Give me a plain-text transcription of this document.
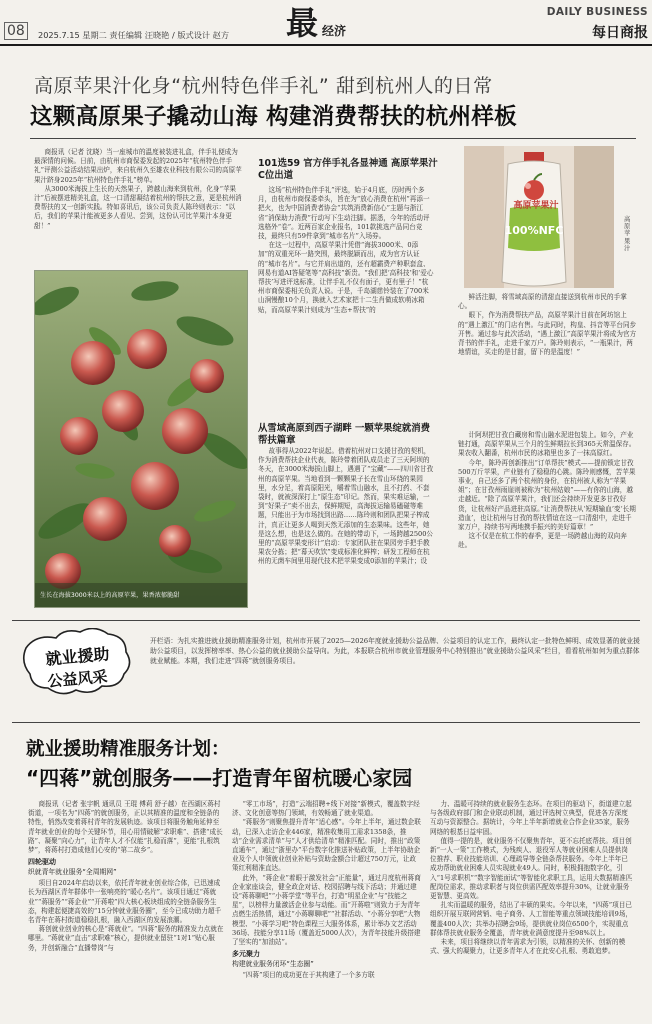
08	2025.7.15 星期二 责任编辑 汪晓艳 / 版式设计 赵方 最 经济
DAILY BUSINESS
每日商报
高原苹果汁化身“杭州特色伴手礼” 甜到杭州人的日常
这颗高原果子撬动山海 构建消费帮扶的杭州样板

商报讯（记者 沈晓）当一座城市的温度被装进礼盒，伴手礼便成为最深情的问候。日前，由杭州市商保委发起的2025年“杭州特色伴手礼”评测公益活动结果出炉，来自杭州久至雄农业科技有限公司的高原苹果汁跻身2025年“杭州特色伴手礼”榜单。

从3000米海拔上生长的天然果子，跨越山海来到杭州，化身“苹果汁”后被摆进精美礼盒，这一口清甜凝结着杭州的帮扶之意，更是杭州消费帮扶的又一创新实践。特如喜讯后，该公司负责人陈玲则表示：“以后，我们的苹果汁能被更多人看见、尝到，这份认可比苹果汁本身更甜！”

生长在海拔3000米以上的高原苹果，果香浓郁脆甜
101选59 官方伴手礼各显神通 高原苹果汁C位出道

这场“杭州特色伴手礼”评选，始于4月底，历时两个多月，由杭州市商保委牵头，旨在为“放心消费在杭州”再添一把火，也为中国消费者协会“共筑消费新信心”主题与浙江省“消保助力消费”行动写下生动注脚。据悉，今年的活动评选格外“卷”。近两百家企业报名，101款挑选产品同台竞技，最终只有59件拿到“城市名片”入场券。

在这一过程中，高原苹果汁凭借“海拔3000米、0添加”的双重光环一路突围，最终脱颖而出，成为官方认证的“城市名片”。与它并肩出道的，还有超霸费产种职套盒、网易有道AI答疑笔等“高科技”新贵。“我们把‘高科技’和‘爱心帮扶’写进评选标准，让伴手礼不仅有面子，更有里子！”杭州市商保委相关负责人说。于是，千岛湖慈铃装在了700米山涧慢酿10个月，换就入艺术家把十二生肖做成软萌冰箱贴，而高原苹果汁则成为“生态+帮扶”的

高原苹果汁
100%NFC
高原苹果汁

鲜活注脚，将雪域高原的清甜直接送到杭州市民的手掌心。

眼下，作为消费帮扶产品，高原苹果汁目前在阿坊馆上的“遇上激江”的门店有售。与此同时，构皇、抖音等平台同步开售。通过参与此次活动，“遇上激江”高原苹果汁将成为官方背书的伴手礼，走进千家万户。陈玲则表示，“一瓶果汁，两地情谊，买走的是甘甜，留下的是温度！”

从雪域高原到西子湖畔 一颗苹果绽就消费帮扶篇章

故事得从2022年说起。借着杭州对口支援甘孜的契机，作为消费帮扶企业代表，陈玲带着团队成员走了三天阿坝的冬天，在3000米海拔山脚上，遇遇了“宝藏”——四川省甘孜州的高原苹果。当地看到一颗颗果子长在雪山环绕的果园里，水分足，着高原阳光，嚼着雪山融水，且不打药、不套袋时，就被深深打上“原生态”印记。然而，果实难运输，一到“好果子”卖不出去，保鲜期短，高海拔运输易磕碰等难题，只能出于为市场找到出路……陈玲则和团队把果子榨成汁，真正让更多人喝到天然无添加的生态果味。这些年，她是这么想，也是这么做的。在她的带动下，一场跨越2500公里的“高原苹果变形计”启动：专家团队驻在果园旁手把手教果农分拣；把“幕天吹饮”变成标准化鲜榨；研发工程师在杭州的无菌车间里用现代技术把苹果变成0添加的苹果汁；设

计阿坝把甘孜白藏房和雪山融水泥进包装上。如今，产业链打通，高原苹果从三个月的生鲜期拉长到365天常温保存。果农收入翻番，杭州市民的冰箱里也多了一抹高原红。

今年，陈玲再创新推出“订单帮扶”模式——提前锁定甘孜500万斤苹果，产业链有了稳稳的心跳。陈玲则感慨，苦苹果事业，自己还多了两个杭州的身份，在杭州被人称为“苹果姐”；在甘孜州雨崖则被称为“杭州姑娘”——有你的山海，越走越近。“除了高原苹果汁，我们还会持续开发更多甘孜好货，让杭州好产品进驻高原。”让消费帮扶从‘短期输血’变‘长期造血’，也让杭州与甘孜的帮扶情谊在这一口清甜中，走进千家万户，持续书写两地携手振兴的美好篇章！”

这不仅是在杭工作的春季，更是一场跨越山海的双向奔赴。

就业援助
公益风采
开栏语：为扎实推进就业援助精准服务计划，杭州市开展了2025—2026年度就业援助公益品牌、公益项目的认定工作，最终认定一批特色鲜明、成效显著的就业援助公益项目，以发挥榜率率、热心公益的就业援助公益导向。为此，本报联合杭州市就业管理服务中心特别推出“就业援助公益风采”栏目，看看杭州如何为重点群体就业赋能。本期，我们走进“四蒋”就创服务项目。
就业援助精准服务计划：
“四蒋”就创服务——打造青年留杭暖心家园

商报讯（记者 张宇帆 通讯员 王琨 傅莉 舒子越）在西湖区蒋村街道，一项名为“四蒋”的就创服务，正以其精准的温度和全链条的特性，悄然改变着蒋村青年的发展轨迹。该项目将服务触角延伸至青年就业创业的每个关键环节，用心用情破解“求职难”、搭建“成长路”、凝聚“向心力”，让青年人才不仅能“扎稳而落”，更能“扎根筑梦”，将蒋村打造成他们心安的“第二故乡”。

四轮驱动

织就青年就业服务“全周期网”

项目自2024年启动以来，依托青年就业创业综合体，已迅速成长为西湖区青年群体中一张响亮的“暖心名片”。该项目通过“蒋就业”“蒋服务”“蒋企业”“开蒋啦”四大核心板块组成的全链条服务生态，构建起便捷高效的“15分钟就业服务圈”，至今已成功助力超千名青年在蒋村街道稳稳扎根，融入西湖区的发展浪潮。

蒋创就业创业的核心是“蒋就业”。“四蒋”服务的精准发力点就在哪里。“蒋就业”直击“求职难”核心，提供就业留驻“1对1”贴心服务，并创新融合“直播带岗”与

“零工市场”，打造“云端招聘+线下对接”新模式，覆盖数字经济、文化创意等热门领域，有效畅通了就业渠道。

“蒋服务”则聚焦提升青年“适心感”。今年上半年，通过数企联动，已深入走访企业446家，精准收集用工需求1358条，推动“企业需求清单”与“人才供给清单”精准匹配。同时，推出“政策直通车”，通过“浙里办”平台数字化推送补贴政策，上半年协助企业及个人申领就业创业补贴与资助金额合计超过750万元，让政策红利精准直达。

此外，“蒋企业”着眼于激发社会“正能量”，通过月度杭州蒋商企业家座谈会，健全政企对话、校园招聘与线下活动；并通过建设“蒋蒋聊吧”“小蒋学堂”等平台，打造“明星企业”与“技能之星”，以榜样力量激活企业参与动能。而“开蒋啦”则致力于为青年点燃生活热情，通过“小蒋聊聊吧”“社群活动、“小蒋分享吧”大物模型、“小蒋学习吧”特色课程三大服务体系，累计举办文艺活动36场、技能分享11场（覆盖近5000人次），为青年技能升级搭建了坚实的“加油站”。

多元聚力

构建就业服务闭环“生态圈”

“四蒋”项目的成功更在于其构建了一个多方联

力、温暖可持续的就业服务生态环。在项目的驱动下，街道建立起与各级政府部门和企业联动机制，通过评选树立典型，促进各方深度互动与资源整合。据统计，今年上半年新增就业合作企业35家，服务网络的根基日益牢固。

值得一提的是，就业服务不仅聚焦青年，更不忘托底帮扶。项目创新“一人一策”工作模式，为残疾人、退役军人等就业困难人员提供岗位推荐、职业技能培训、心理疏导等全链条帮扶服务。今年上半年已成功帮助就业困难人员实现就业49人。同时，积极拥抱数字化，引入“1号求职机”“数字智能面试”等智能化求职工具，运用大数据精准匹配岗位需求，推动求职者与岗位供需匹配效率提升30%，让就业服务更智慧、更高效。

扎实而温暖的服务，结出了丰硕的果实。今年以来，“四蒋”项目已组织开展互联网营销、电子商务、人工智能等重点领域技能培训9场，覆盖400人次；共举办招聘会9场，提供就业岗位6500个，实现重点群体帮扶就业服务全覆盖，青年就业满意度提升至98%以上。

未来，项目将继续以青年需求为引领，以精准的关怀、创新的模式、强大的凝聚力，让更多青年人才在此安心扎根、勇敢追梦。
